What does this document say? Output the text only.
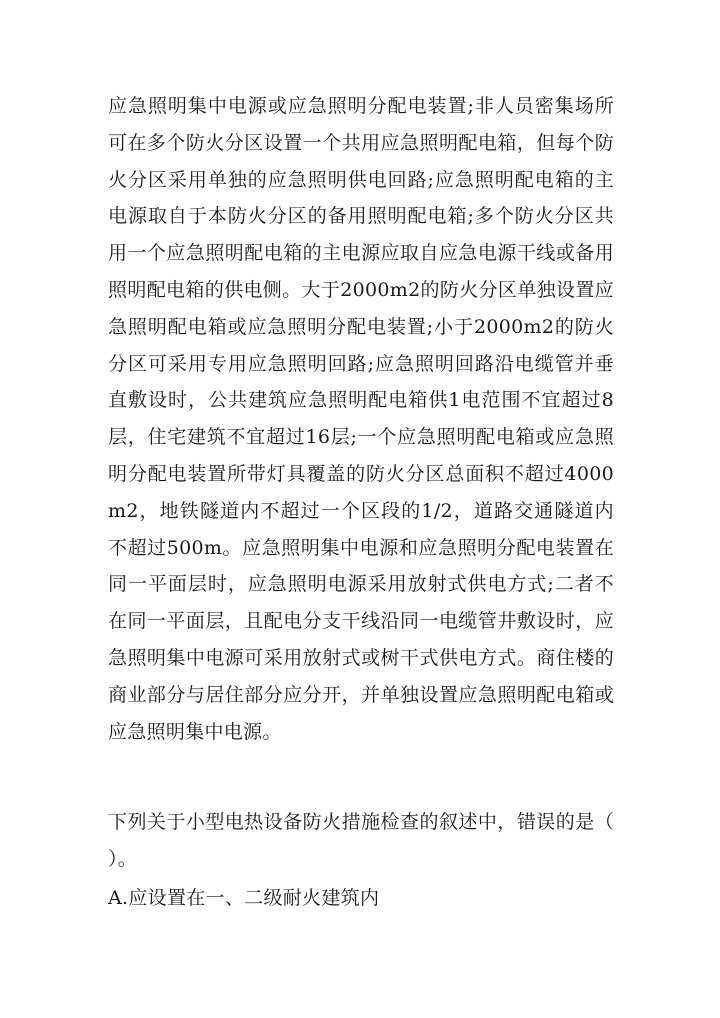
应急照明集中电源或应急照明分配电装置;非人员密集场所可在多个防火分区设置一个共用应急照明配电箱，但每个防火分区采用单独的应急照明供电回路;应急照明配电箱的主电源取自于本防火分区的备用照明配电箱;多个防火分区共用一个应急照明配电箱的主电源应取自应急电源干线或备用照明配电箱的供电侧。大于2000m2的防火分区单独设置应急照明配电箱或应急照明分配电装置;小于2000m2的防火分区可采用专用应急照明回路;应急照明回路沿电缆管并垂直敷设时，公共建筑应急照明配电箱供1电范围不宜超过8层，住宅建筑不宜超过16层;一个应急照明配电箱或应急照明分配电装置所带灯具覆盖的防火分区总面积不超过4000m2，地铁隧道内不超过一个区段的1/2，道路交通隧道内不超过500m。应急照明集中电源和应急照明分配电装置在同一平面层时，应急照明电源采用放射式供电方式;二者不在同一平面层，且配电分支干线沿同一电缆管井敷设时，应急照明集中电源可采用放射式或树干式供电方式。商住楼的商业部分与居住部分应分开，并单独设置应急照明配电箱或应急照明集中电源。
下列关于小型电热设备防火措施检查的叙述中，错误的是（ ）。
A.应设置在一、二级耐火建筑内
